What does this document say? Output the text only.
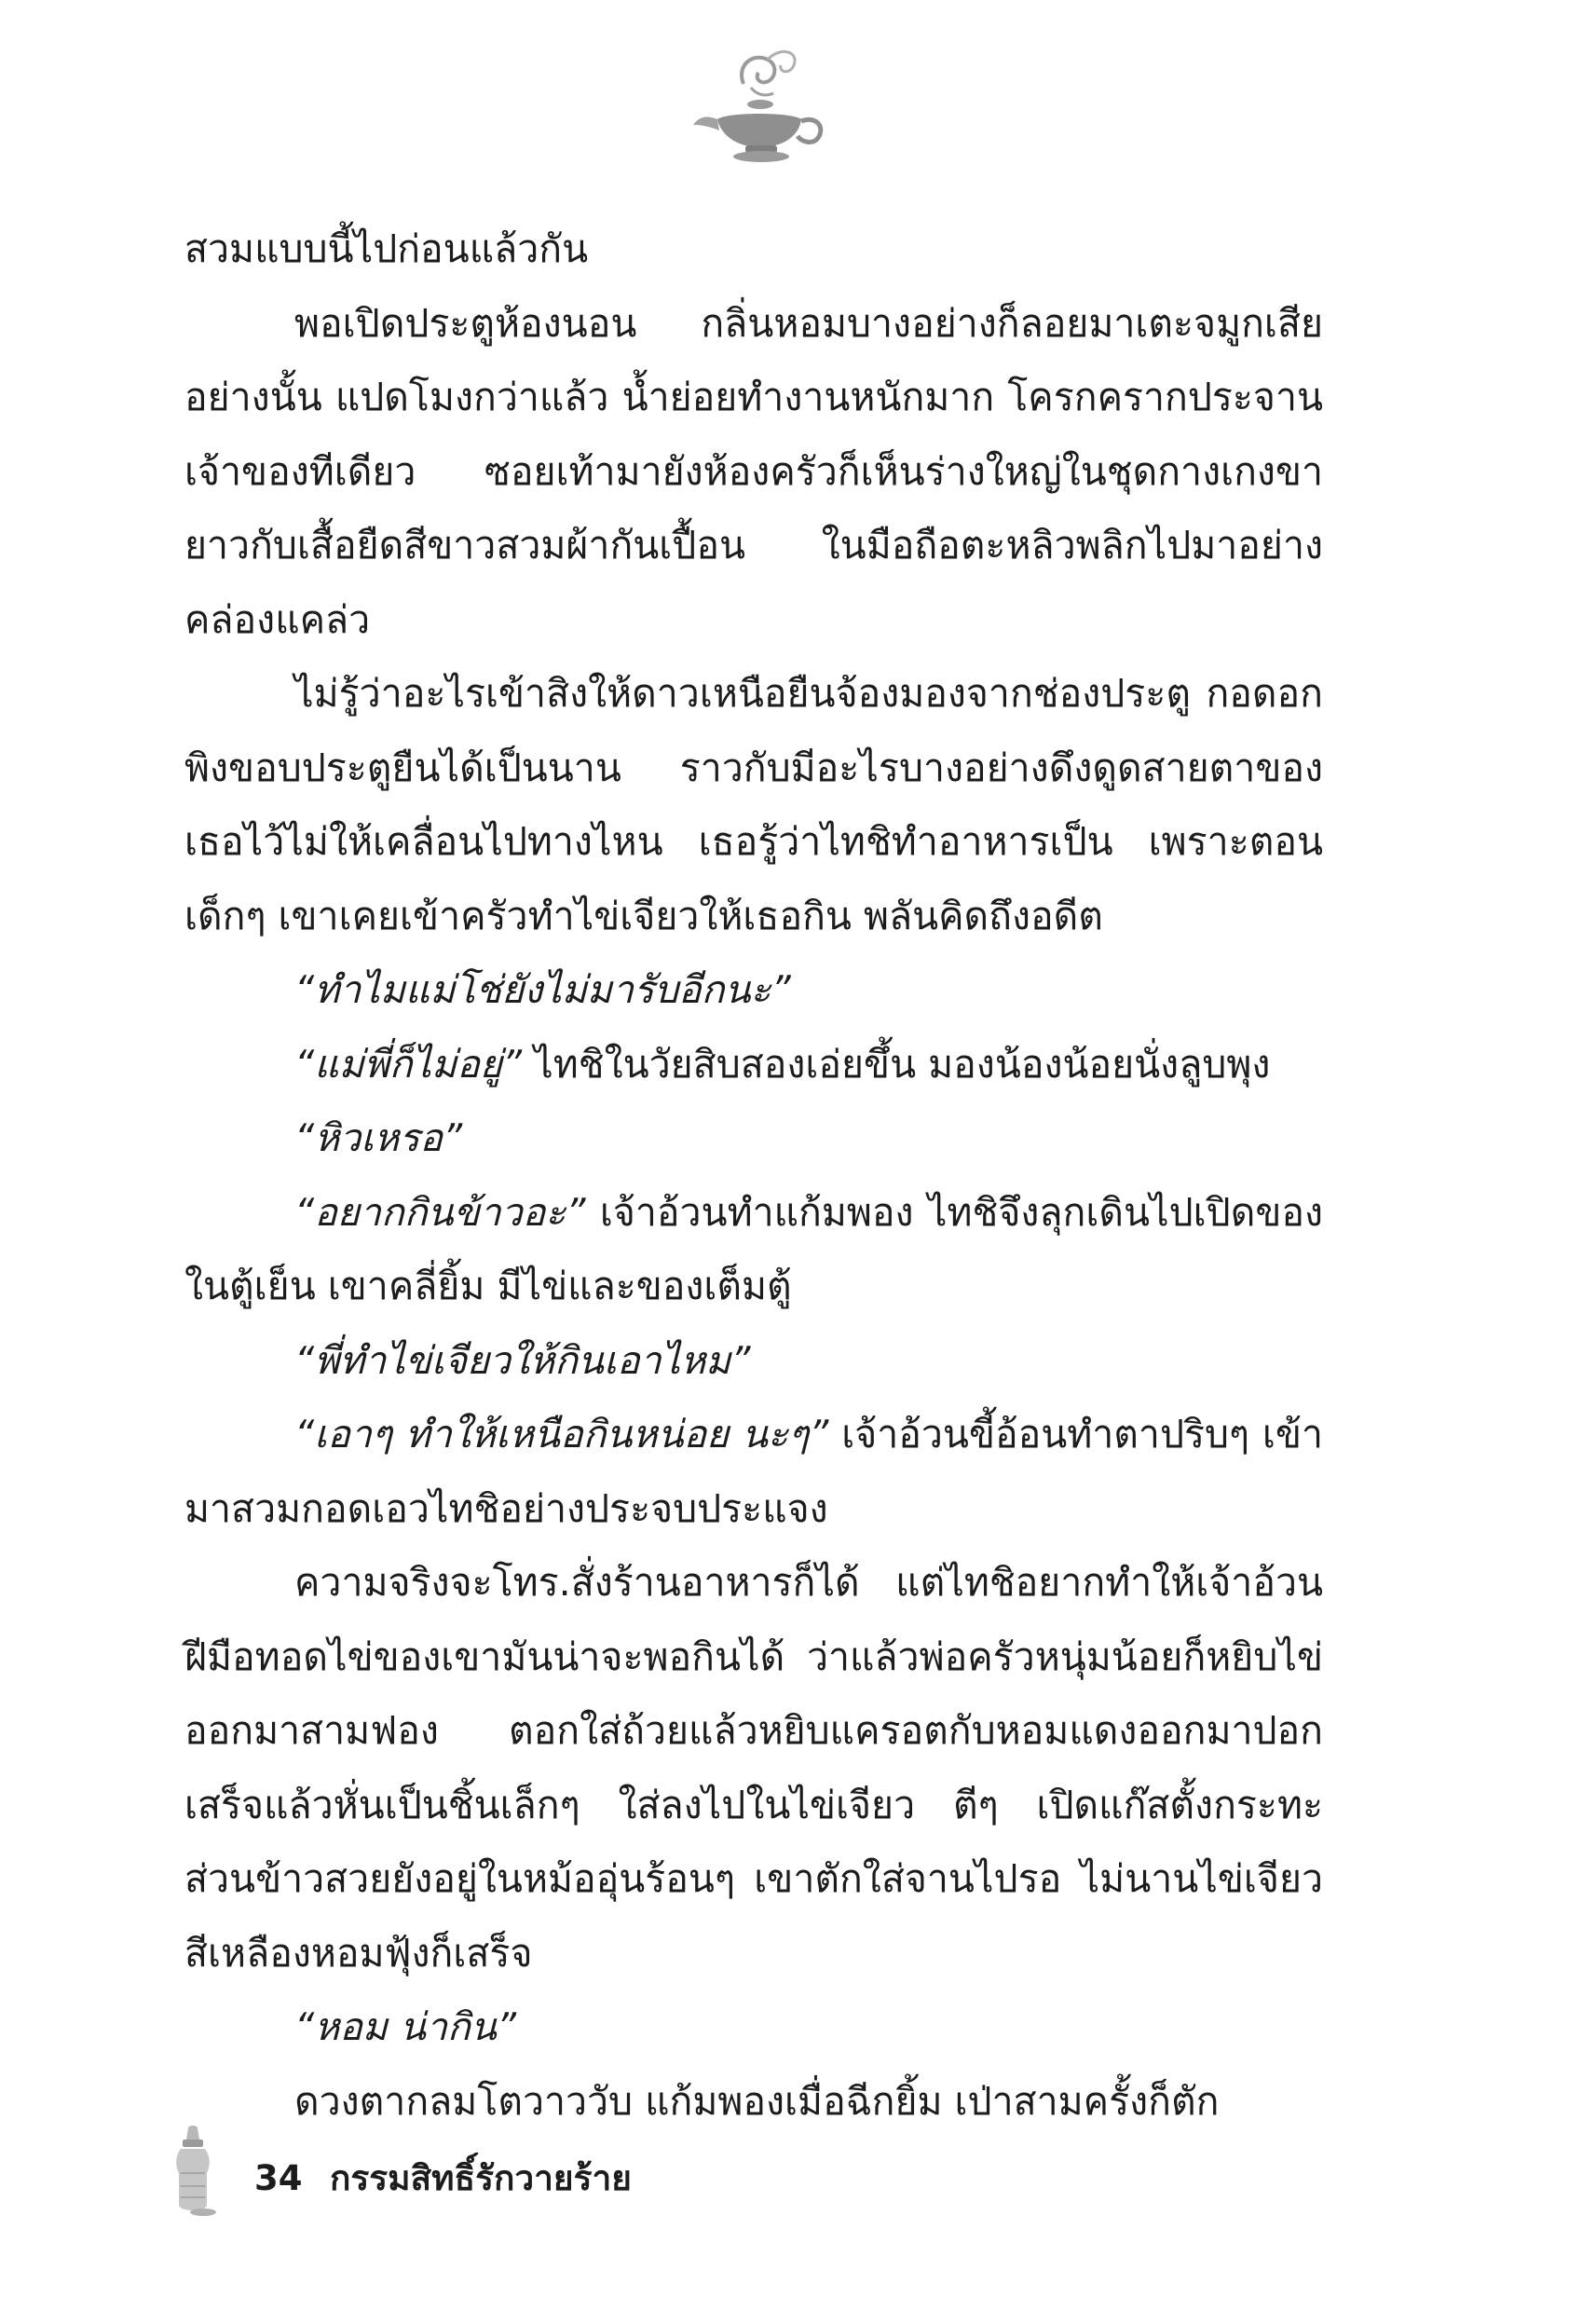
สวมแบบนี้ไปก่อนแล้วกัน

พอเปิดประตูห้องนอน กลิ่นหอมบางอย่างก็ลอยมาเตะจมูกเสียอย่างนั้น แปดโมงกว่าแล้ว น้ำย่อยทำงานหนักมาก โครกครากประจานเจ้าของทีเดียว ซอยเท้ามายังห้องครัวก็เห็นร่างใหญ่ในชุดกางเกงขายาวกับเสื้อยืดสีขาวสวมผ้ากันเปื้อน ในมือถือตะหลิวพลิกไปมาอย่างคล่องแคล่ว

ไม่รู้ว่าอะไรเข้าสิงให้ดาวเหนือยืนจ้องมองจากช่องประตู กอดอกพิงขอบประตูยืนได้เป็นนาน ราวกับมีอะไรบางอย่างดึงดูดสายตาของเธอไว้ไม่ให้เคลื่อนไปทางไหน เธอรู้ว่าไทชิทำอาหารเป็น เพราะตอนเด็กๆ เขาเคยเข้าครัวทำไข่เจียวให้เธอกิน พลันคิดถึงอดีต

“ทำไมแม่โช่ยังไม่มารับอีกนะ”

“แม่พี่ก็ไม่อยู่” ไทชิในวัยสิบสองเอ่ยขึ้น มองน้องน้อยนั่งลูบพุง

“หิวเหรอ”

“อยากกินข้าวอะ” เจ้าอ้วนทำแก้มพอง ไทชิจึงลุกเดินไปเปิดของในตู้เย็น เขาคลี่ยิ้ม มีไข่และของเต็มตู้

“พี่ทำไข่เจียวให้กินเอาไหม”

“เอาๆ ทำให้เหนือกินหน่อย นะๆ” เจ้าอ้วนขี้อ้อนทำตาปริบๆ เข้ามาสวมกอดเอวไทชิอย่างประจบประแจง

ความจริงจะโทร.สั่งร้านอาหารก็ได้ แต่ไทชิอยากทำให้เจ้าอ้วนฝีมือทอดไข่ของเขามันน่าจะพอกินได้ ว่าแล้วพ่อครัวหนุ่มน้อยก็หยิบไข่ออกมาสามฟอง ตอกใส่ถ้วยแล้วหยิบแครอตกับหอมแดงออกมาปอกเสร็จแล้วหั่นเป็นชิ้นเล็กๆ ใส่ลงไปในไข่เจียว ตีๆ เปิดแก๊สตั้งกระทะ ส่วนข้าวสวยยังอยู่ในหม้ออุ่นร้อนๆ เขาตักใส่จานไปรอ ไม่นานไข่เจียวสีเหลืองหอมฟุ้งก็เสร็จ

“หอม น่ากิน”

ดวงตากลมโตวาววับ แก้มพองเมื่อฉีกยิ้ม เป่าสามครั้งก็ตัก

34 กรรมสิทธิ์รักวายร้าย
